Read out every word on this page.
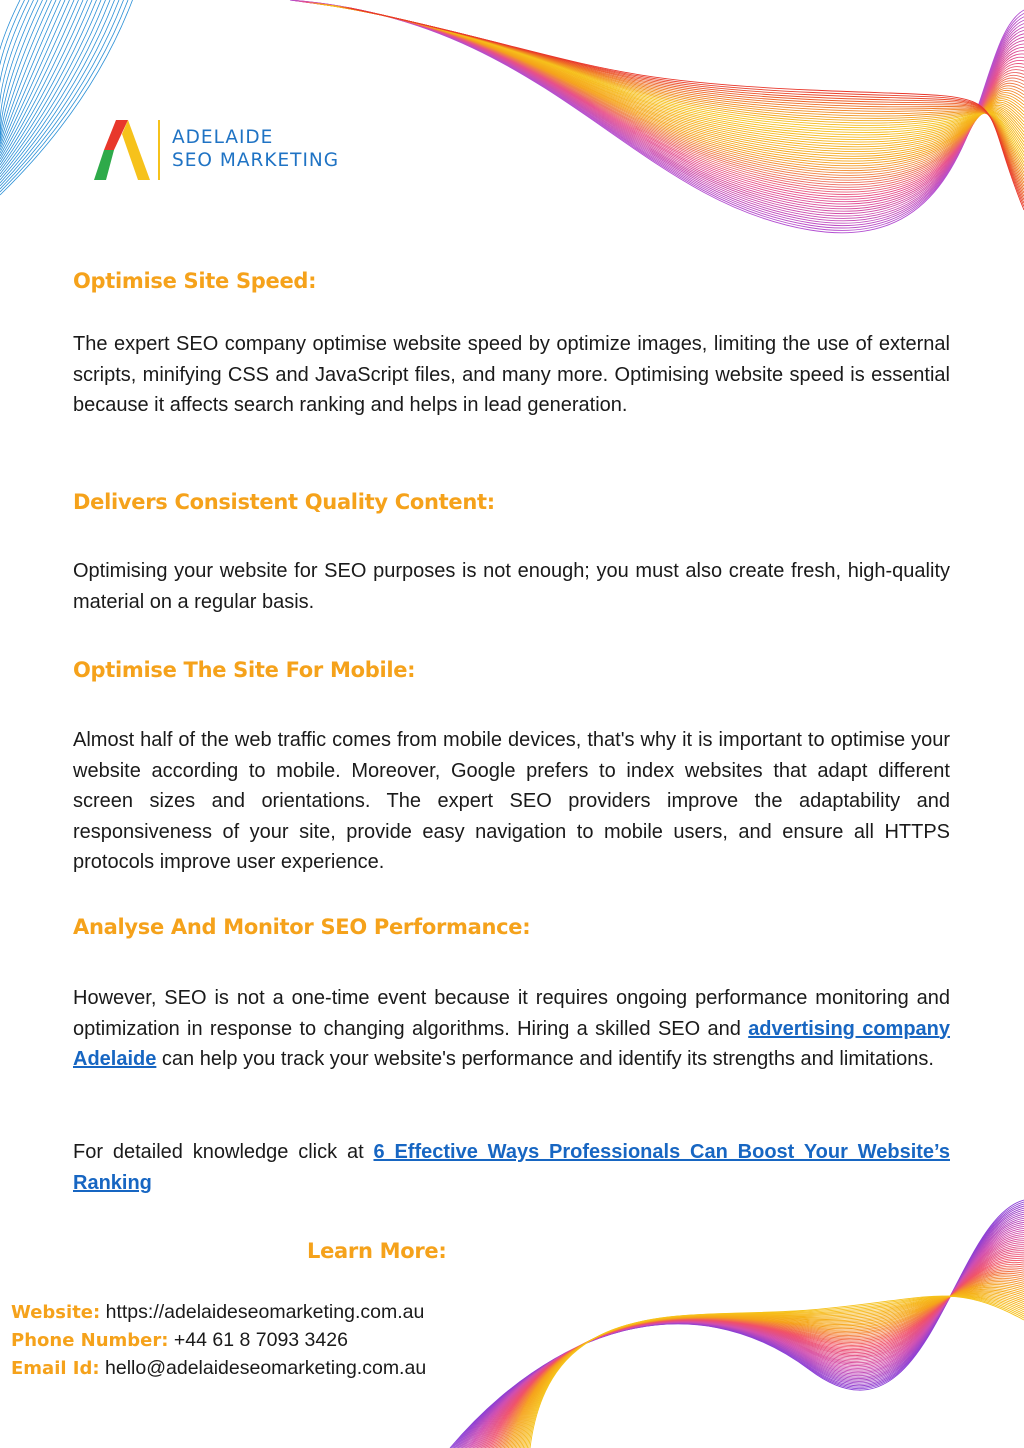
ADELAIDE
SEO MARKETING
Optimise Site Speed:

The expert SEO company optimise website speed by optimize images, limiting the use of external scripts, minifying CSS and JavaScript files, and many more. Optimising website speed is essential because it affects search ranking and helps in lead generation.

Delivers Consistent Quality Content:

Optimising your website for SEO purposes is not enough; you must also create fresh, high-quality material on a regular basis.

Optimise The Site For Mobile:

Almost half of the web traffic comes from mobile devices, that's why it is important to optimise your website according to mobile. Moreover, Google prefers to index websites that adapt different screen sizes and orientations. The expert SEO providers improve the adaptability and responsiveness of your site, provide easy navigation to mobile users, and ensure all HTTPS protocols improve user experience.

Analyse And Monitor SEO Performance:

However, SEO is not a one-time event because it requires ongoing performance monitoring and optimization in response to changing algorithms. Hiring a skilled SEO and advertising company Adelaide can help you track your website's performance and identify its strengths and limitations.

For detailed knowledge click at 6 Effective Ways Professionals Can Boost Your Website’s Ranking

Learn More:
Website: https://adelaideseomarketing.com.au
Phone Number: +44 61 8 7093 3426
Email Id: hello@adelaideseomarketing.com.au
